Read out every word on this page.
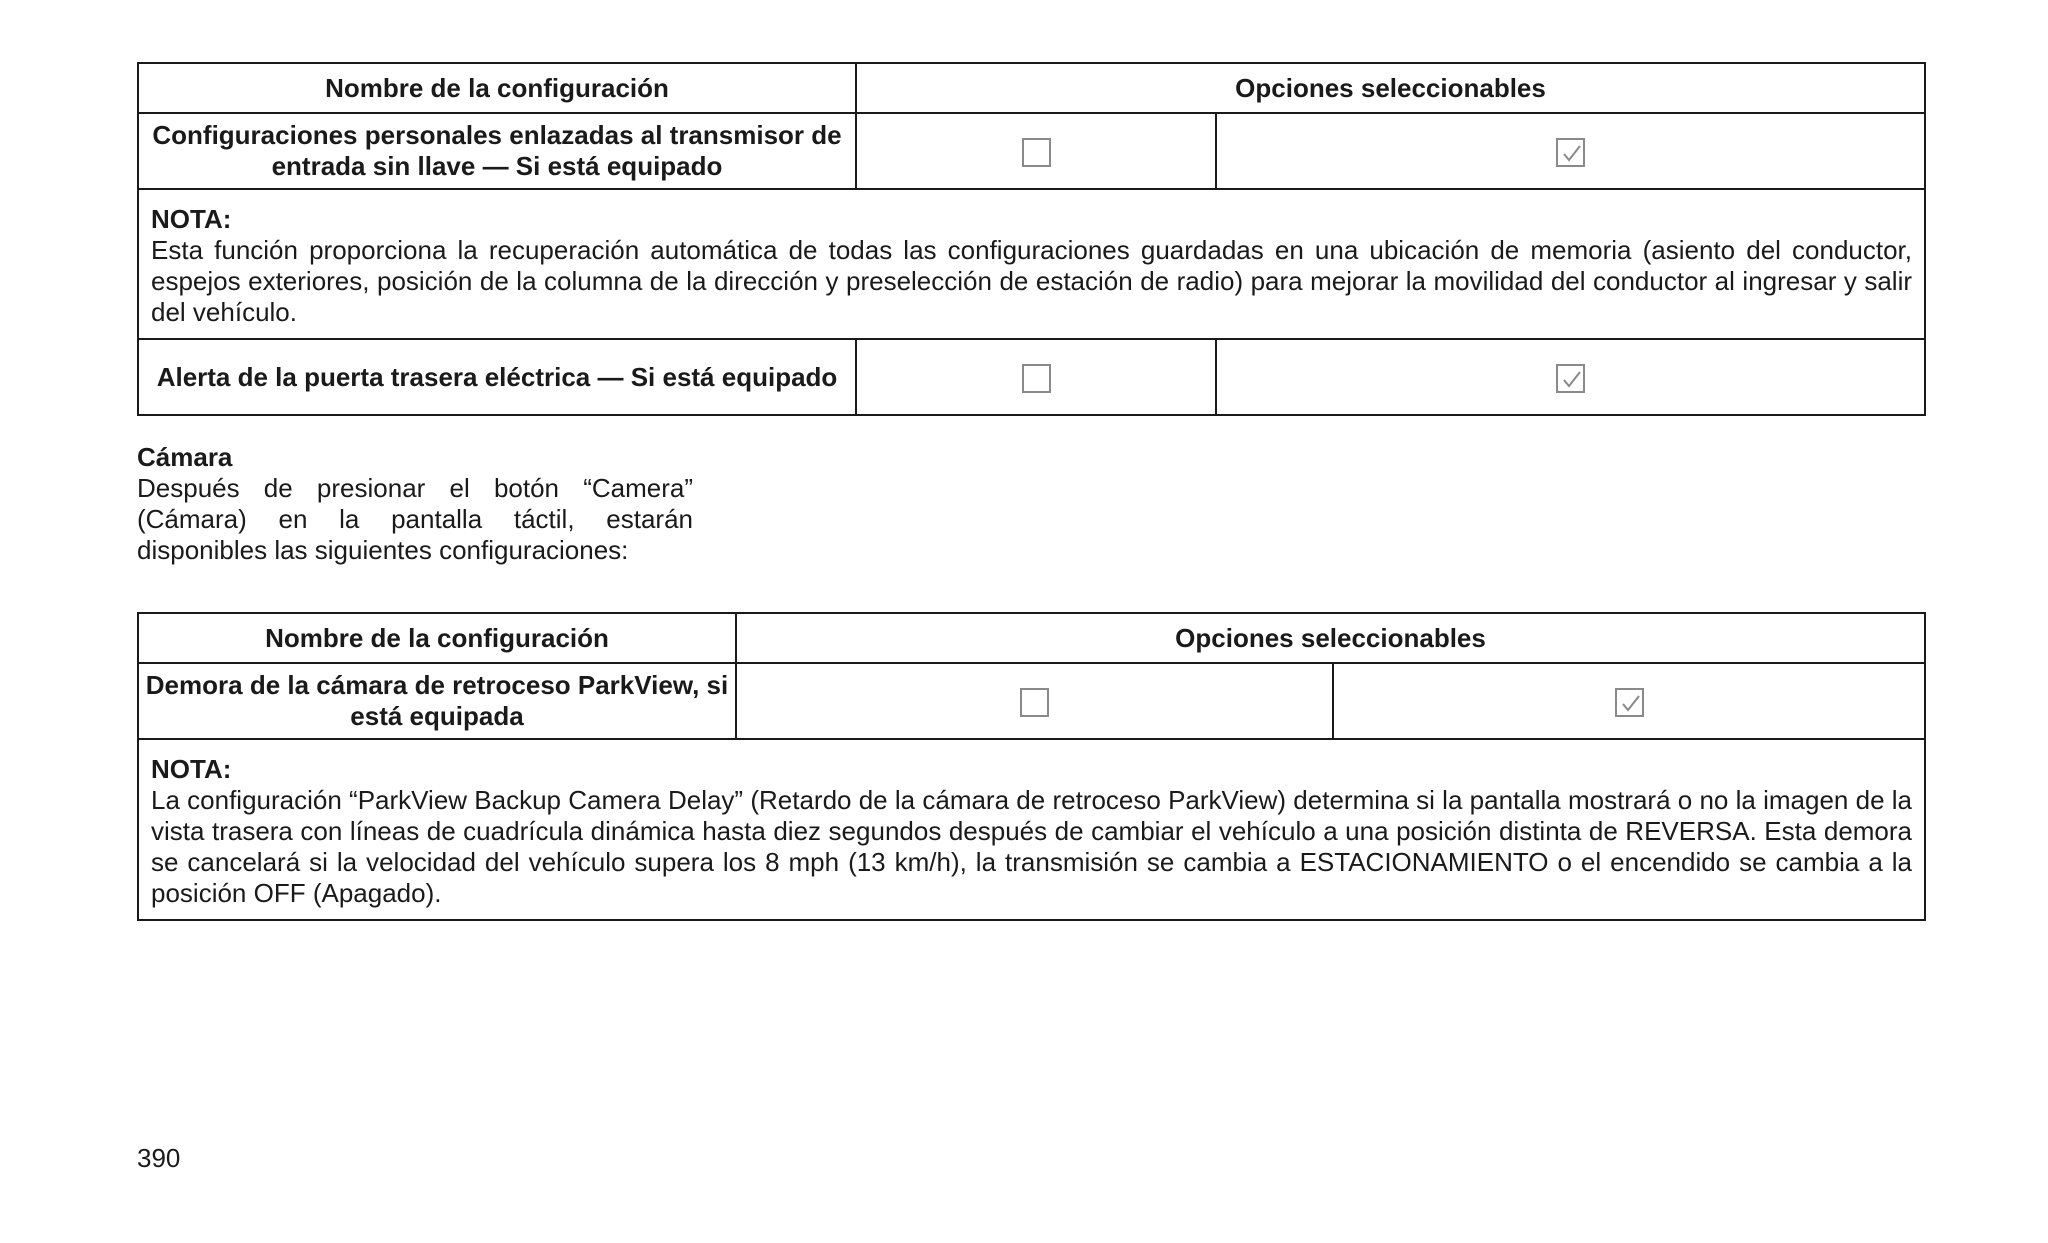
Nombre de la configuración	Opciones seleccionables	
Configuraciones personales enlazadas al transmisor de entrada sin llave — Si está equipado		

NOTA:
Esta función proporciona la recuperación automática de todas las configuraciones guardadas en una ubicación de memoria (asiento del conductor, espejos exteriores, posición de la columna de la dirección y preselección de estación de radio) para mejorar la movilidad del conductor al ingresar y salir del vehículo.		
Alerta de la puerta trasera eléctrica — Si está equipado		
Cámara
Después de presionar el botón “Camera” (Cámara) en la pantalla táctil, estarán disponibles las siguientes configuraciones:
Nombre de la configuración	Opciones seleccionables	
Demora de la cámara de retroceso ParkView, si está equipada		

NOTA:
La configuración “ParkView Backup Camera Delay” (Retardo de la cámara de retroceso ParkView) determina si la pantalla mostrará o no la imagen de la vista trasera con líneas de cuadrícula dinámica hasta diez segundos después de cambiar el vehículo a una posición distinta de REVERSA. Esta demora se cancelará si la velocidad del vehículo supera los 8 mph (13 km/h), la transmisión se cambia a ESTACIONAMIENTO o el encendido se cambia a la posición OFF (Apagado).		
390
